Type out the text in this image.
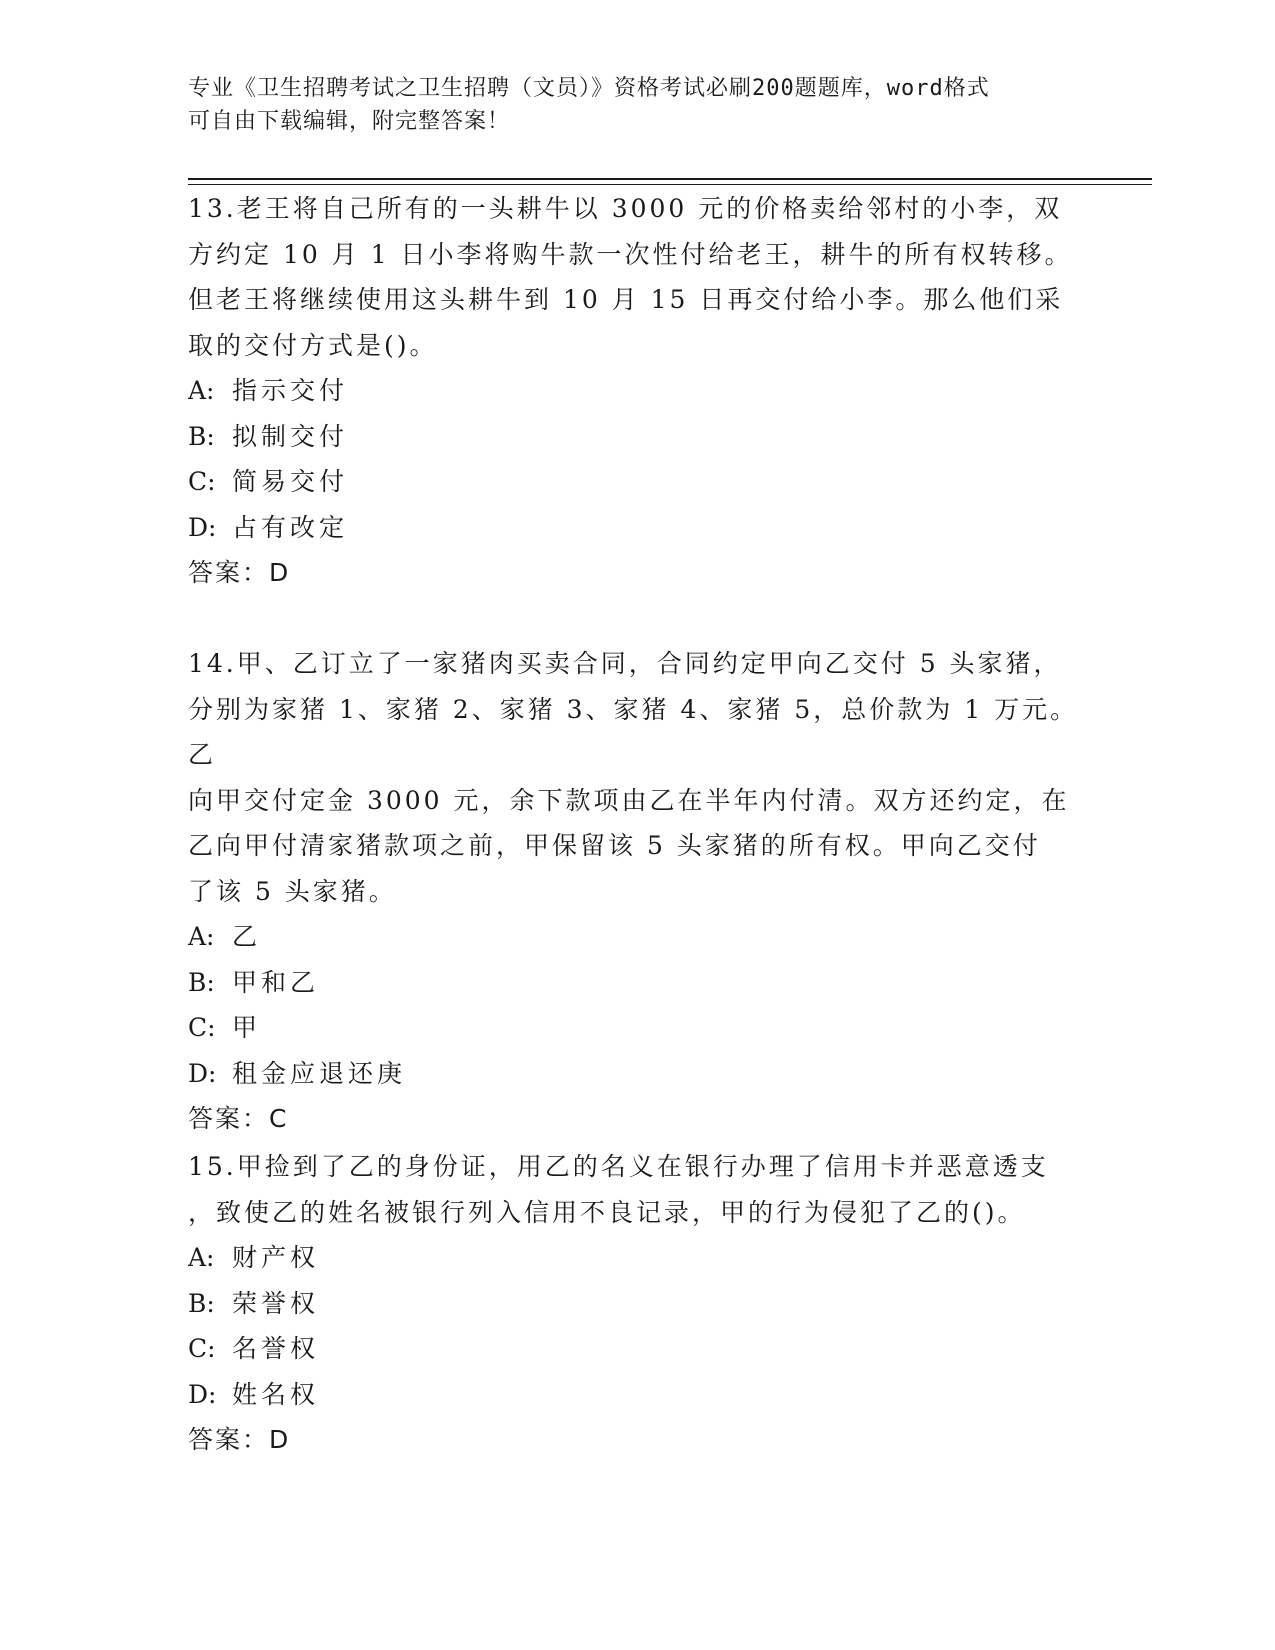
专业《卫生招聘考试之卫生招聘（文员）》资格考试必刷200题题库，word格式
可自由下载编辑，附完整答案！
13.老王将自己所有的一头耕牛以 3000 元的价格卖给邻村的小李，双
方约定 10 月 1 日小李将购牛款一次性付给老王，耕牛的所有权转移。
但老王将继续使用这头耕牛到 10 月 15 日再交付给小李。那么他们采
取的交付方式是()。
A: 指示交付
B: 拟制交付
C: 简易交付
D: 占有改定
答案：D
14.甲、乙订立了一家猪肉买卖合同，合同约定甲向乙交付 5 头家猪，
分别为家猪 1、家猪 2、家猪 3、家猪 4、家猪 5，总价款为 1 万元。乙
向甲交付定金 3000 元，余下款项由乙在半年内付清。双方还约定，在
乙向甲付清家猪款项之前，甲保留该 5 头家猪的所有权。甲向乙交付
了该 5 头家猪。
A: 乙
B: 甲和乙
C: 甲
D: 租金应退还庚
答案：C
15.甲捡到了乙的身份证，用乙的名义在银行办理了信用卡并恶意透支
，致使乙的姓名被银行列入信用不良记录，甲的行为侵犯了乙的()。
A: 财产权
B: 荣誉权
C: 名誉权
D: 姓名权
答案：D
